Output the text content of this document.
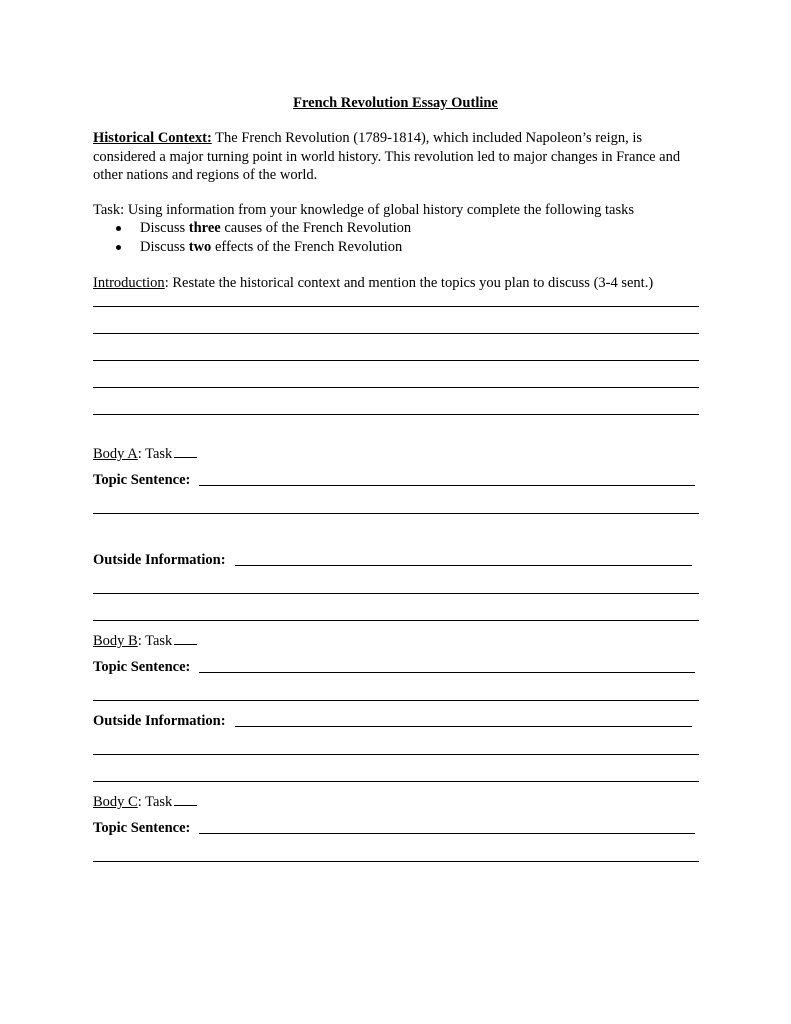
French Revolution Essay Outline
Historical Context: The French Revolution (1789-1814), which included Napoleon’s reign, is considered a major turning point in world history. This revolution led to major changes in France and other nations and regions of the world.
Task: Using information from your knowledge of global history complete the following tasks
Discuss three causes of the French Revolution
Discuss two effects of the French Revolution
Introduction: Restate the historical context and mention the topics you plan to discuss (3-4 sent.)
Body A: Task
Topic Sentence:
Outside Information:
Body B: Task
Topic Sentence:
Outside Information:
Body C: Task
Topic Sentence:
